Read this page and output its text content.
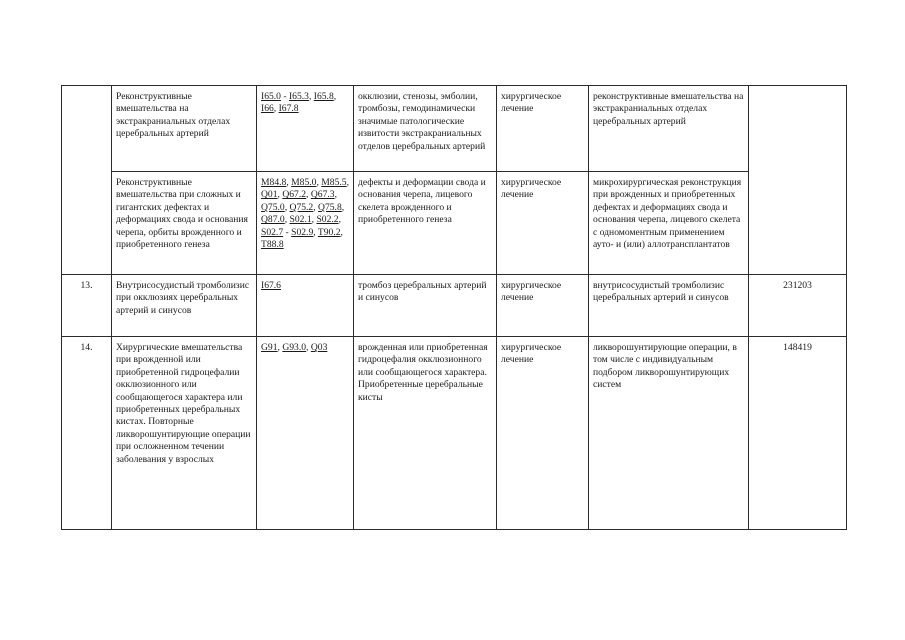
	Реконструктивные вмешательства на экстракраниальных отделах церебральных артерий	I65.0 - I65.3, I65.8, I66, I67.8	окклюзии, стенозы, эмболии, тромбозы, гемодинамически значимые патологические извитости экстракраниальных отделов церебральных артерий	хирургическое лечение	реконструктивные вмешательства на экстракраниальных отделах церебральных артерий	
	Реконструктивные вмешательства при сложных и гигантских дефектах и деформациях свода и основания черепа, орбиты врожденного и приобретенного генеза	M84.8, M85.0, M85.5, Q01, Q67.2, Q67.3, Q75.0, Q75.2, Q75.8, Q87.0, S02.1, S02.2, S02.7 - S02.9, T90.2, T88.8	дефекты и деформации свода и основания черепа, лицевого скелета врожденного и приобретенного генеза	хирургическое лечение	микрохирургическая реконструкция при врожденных и приобретенных дефектах и деформациях свода и основания черепа, лицевого скелета с одномоментным применением ауто- и (или) аллотрансплантатов	
13.	Внутрисосудистый тромболизис при окклюзиях церебральных артерий и синусов	I67.6	тромбоз церебральных артерий и синусов	хирургическое лечение	внутрисосудистый тромболизис церебральных артерий и синусов	231203
14.	Хирургические вмешательства при врожденной или приобретенной гидроцефалии окклюзионного или сообщающегося характера или приобретенных церебральных кистах. Повторные ликворошунтирующие операции при осложненном течении заболевания у взрослых	G91, G93.0, Q03	врожденная или приобретенная гидроцефалия окклюзионного или сообщающегося характера. Приобретенные церебральные кисты	хирургическое лечение	ликворошунтирующие операции, в том числе с индивидуальным подбором ликворошунтирующих систем	148419
